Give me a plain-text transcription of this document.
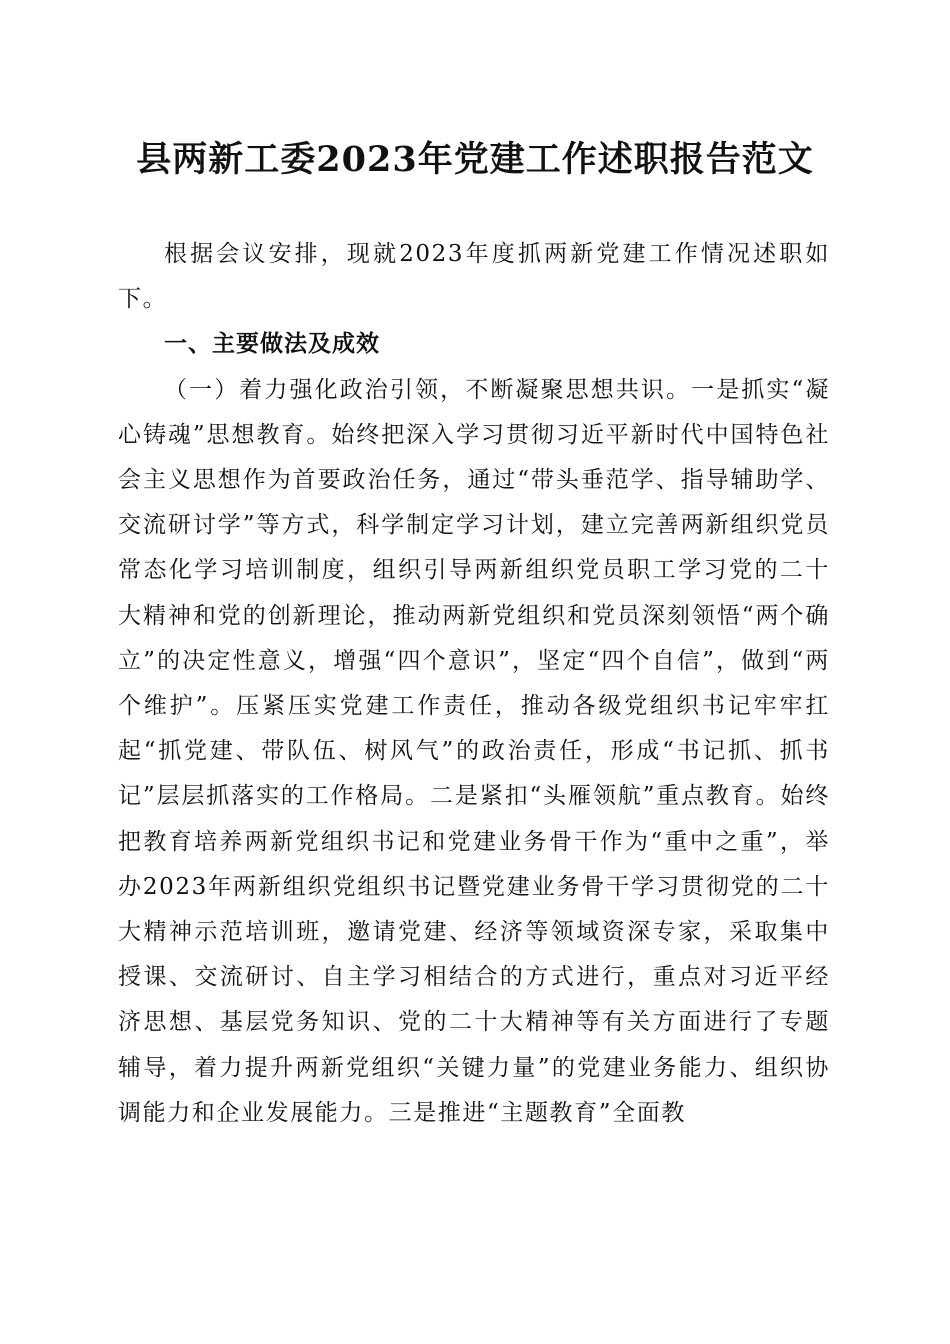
县两新工委2023年党建工作述职报告范文

根据会议安排，现就2023年度抓两新党建工作情况述职如下。

一、主要做法及成效

（一）着力强化政治引领，不断凝聚思想共识。一是抓实“凝心铸魂”思想教育。始终把深入学习贯彻习近平新时代中国特色社会主义思想作为首要政治任务，通过“带头垂范学、指导辅助学、交流研讨学”等方式，科学制定学习计划，建立完善两新组织党员常态化学习培训制度，组织引导两新组织党员职工学习党的二十大精神和党的创新理论，推动两新党组织和党员深刻领悟“两个确立”的决定性意义，增强“四个意识”，坚定“四个自信”，做到“两个维护”。压紧压实党建工作责任，推动各级党组织书记牢牢扛起“抓党建、带队伍、树风气”的政治责任，形成“书记抓、抓书记”层层抓落实的工作格局。二是紧扣“头雁领航”重点教育。始终把教育培养两新党组织书记和党建业务骨干作为“重中之重”，举办2023年两新组织党组织书记暨党建业务骨干学习贯彻党的二十大精神示范培训班，邀请党建、经济等领域资深专家，采取集中授课、交流研讨、自主学习相结合的方式进行，重点对习近平经济思想、基层党务知识、党的二十大精神等有关方面进行了专题辅导，着力提升两新党组织“关键力量”的党建业务能力、组织协调能力和企业发展能力。三是推进“主题教育”全面教
